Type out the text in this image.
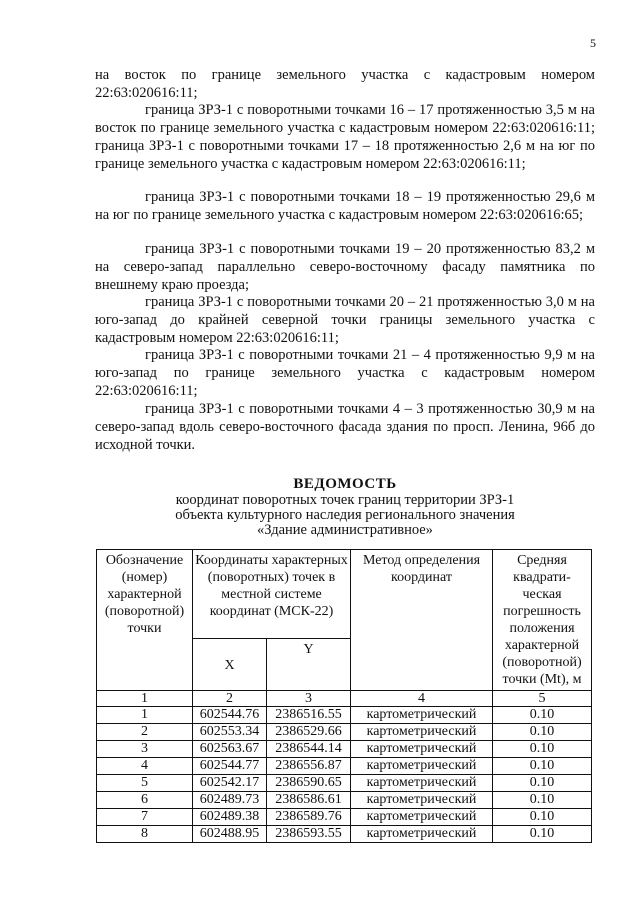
5

на восток по границе земельного участка с кадастровым номером 22:63:020616:11;

граница ЗРЗ-1 с поворотными точками 16 – 17 протяженностью 3,5 м на восток по границе земельного участка с кадастровым номером 22:63:020616:11; граница ЗРЗ-1 с поворотными точками 17 – 18 протяженностью 2,6 м на юг по границе земельного участка с кадастровым номером 22:63:020616:11;

граница ЗРЗ-1 с поворотными точками 18 – 19 протяженностью 29,6 м на юг по границе земельного участка с кадастровым номером 22:63:020616:65;

граница ЗРЗ-1 с поворотными точками 19 – 20 протяженностью 83,2 м на северо-запад параллельно северо-восточному фасаду памятника по внешнему краю проезда;

граница ЗРЗ-1 с поворотными точками 20 – 21 протяженностью 3,0 м на юго-запад до крайней северной точки границы земельного участка с кадастровым номером 22:63:020616:11;

граница ЗРЗ-1 с поворотными точками 21 – 4 протяженностью 9,9 м на юго-запад по границе земельного участка с кадастровым номером 22:63:020616:11;

граница ЗРЗ-1 с поворотными точками 4 – 3 протяженностью 30,9 м на северо-запад вдоль северо-восточного фасада здания по просп. Ленина, 96б до исходной точки.

ВЕДОМОСТЬ
координат поворотных точек границ территории ЗРЗ-1
объекта культурного наследия регионального значения
«Здание административное»
Обозначение (номер) характерной (поворотной) точки	Координаты характерных (поворотных) точек в местной системе координат (МСК-22)		Метод определения координат	Средняя квадрати-ческая погрешность положения характерной (поворотной) точки (Mt), м
	X	Y		
1	2	3	4	5
1	602544.76	2386516.55	картометрический	0.10
2	602553.34	2386529.66	картометрический	0.10
3	602563.67	2386544.14	картометрический	0.10
4	602544.77	2386556.87	картометрический	0.10
5	602542.17	2386590.65	картометрический	0.10
6	602489.73	2386586.61	картометрический	0.10
7	602489.38	2386589.76	картометрический	0.10
8	602488.95	2386593.55	картометрический	0.10
